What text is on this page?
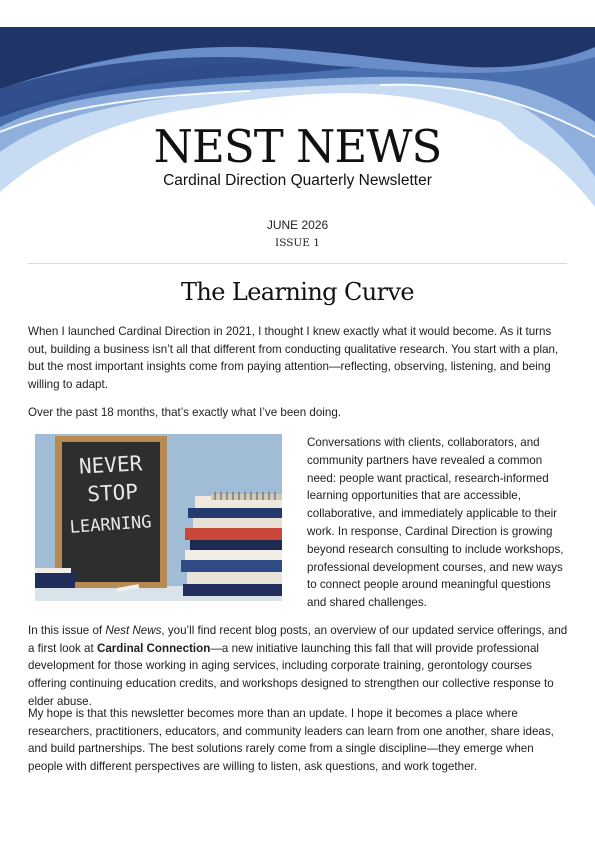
NEST NEWS
Cardinal Direction Quarterly Newsletter
JUNE 2026
ISSUE 1
The Learning Curve

When I launched Cardinal Direction in 2021, I thought I knew exactly what it would become. As it turns out, building a business isn’t all that different from conducting qualitative research. You start with a plan, but the most important insights come from paying attention—reflecting, observing, listening, and being willing to adapt.

Over the past 18 months, that’s exactly what I’ve been doing.

NEVER
STOP
LEARNING

Conversations with clients, collaborators, and community partners have revealed a common need: people want practical, research-informed learning opportunities that are accessible, collaborative, and immediately applicable to their work. In response, Cardinal Direction is growing beyond research consulting to include workshops, professional development courses, and new ways to connect people around meaningful questions and shared challenges.

In this issue of Nest News, you’ll find recent blog posts, an overview of our updated service offerings, and a first look at Cardinal Connection—a new initiative launching this fall that will provide professional development for those working in aging services, including corporate training, gerontology courses offering continuing education credits, and workshops designed to strengthen our collective response to elder abuse.

My hope is that this newsletter becomes more than an update. I hope it becomes a place where researchers, practitioners, educators, and community leaders can learn from one another, share ideas, and build partnerships. The best solutions rarely come from a single discipline—they emerge when people with different perspectives are willing to listen, ask questions, and work together.
